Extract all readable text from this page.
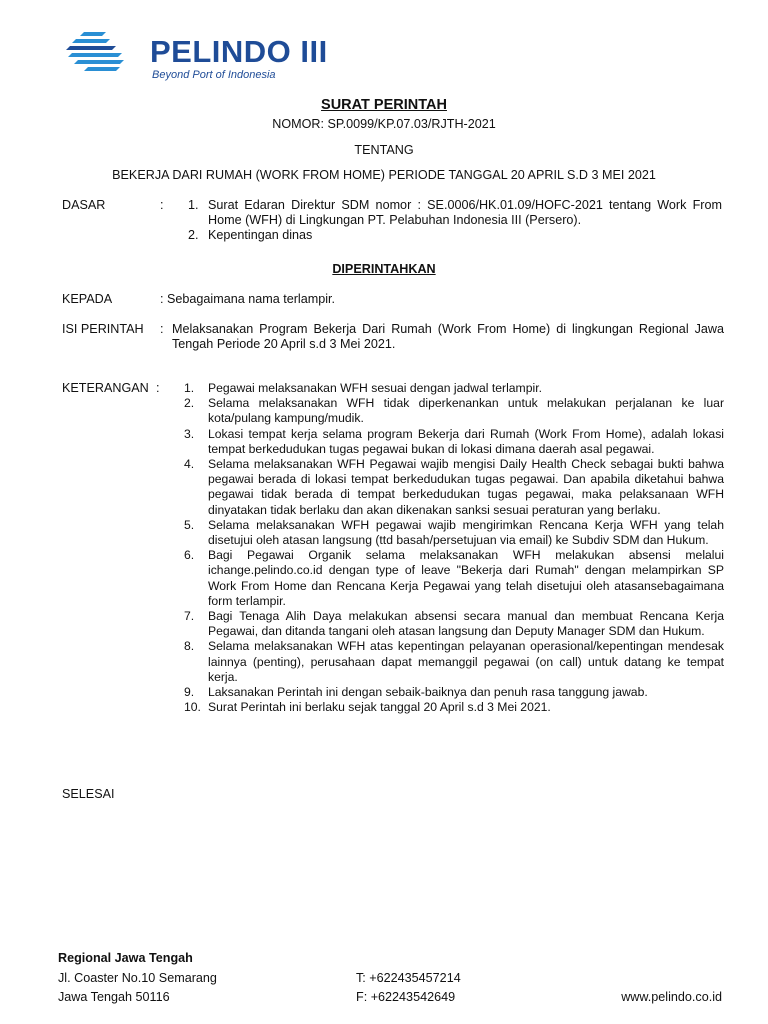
PELINDO III
Beyond Port of Indonesia
SURAT PERINTAH
NOMOR: SP.0099/KP.07.03/RJTH-2021
TENTANG
BEKERJA DARI RUMAH (WORK FROM HOME) PERIODE TANGGAL 20 APRIL S.D 3 MEI 2021
DASAR	: 1. Surat Edaran Direktur SDM nomor : SE.0006/HK.01.09/HOFC-2021 tentang Work From Home (WFH) di Lingkungan PT. Pelabuhan Indonesia III (Persero).
2. Kepentingan dinas
DIPERINTAHKAN
KEPADA	: Sebagaimana nama terlampir.
ISI PERINTAH : Melaksanakan Program Bekerja Dari Rumah (Work From Home) di lingkungan Regional Jawa Tengah Periode 20 April s.d 3 Mei 2021.
KETERANGAN : 1.	Pegawai melaksanakan WFH sesuai dengan jadwal terlampir.
2.	Selama melaksanakan WFH tidak diperkenankan untuk melakukan perjalanan ke luar kota/pulang kampung/mudik.
3.	Lokasi tempat kerja selama program Bekerja dari Rumah (Work From Home), adalah lokasi tempat berkedudukan tugas pegawai bukan di lokasi dimana daerah asal pegawai.
4.	Selama melaksanakan WFH Pegawai wajib mengisi Daily Health Check sebagai bukti bahwa pegawai berada di lokasi tempat berkedudukan tugas pegawai. Dan apabila diketahui bahwa pegawai tidak berada di tempat berkedudukan tugas pegawai, maka pelaksanaan WFH dinyatakan tidak berlaku dan akan dikenakan sanksi sesuai peraturan yang berlaku.
5.	Selama melaksanakan WFH pegawai wajib mengirimkan Rencana Kerja WFH yang telah disetujui oleh atasan langsung (ttd basah/persetujuan via email) ke Subdiv SDM dan Hukum.
6.	Bagi Pegawai Organik selama melaksanakan WFH melakukan absensi melalui ichange.pelindo.co.id dengan type of leave "Bekerja dari Rumah" dengan melampirkan SP Work From Home dan Rencana Kerja Pegawai yang telah disetujui oleh atasansebagaimana form terlampir.
7.	Bagi Tenaga Alih Daya melakukan absensi secara manual dan membuat Rencana Kerja Pegawai, dan ditanda tangani oleh atasan langsung dan Deputy Manager SDM dan Hukum.
8.	Selama melaksanakan WFH atas kepentingan pelayanan operasional/kepentingan mendesak lainnya (penting), perusahaan dapat memanggil pegawai (on call) untuk datang ke tempat kerja.
9.	Laksanakan Perintah ini dengan sebaik-baiknya dan penuh rasa tanggung jawab.
10. Surat Perintah ini berlaku sejak tanggal 20 April s.d 3 Mei 2021.
SELESAI
Regional Jawa Tengah
Jl. Coaster No.10 Semarang
Jawa Tengah 50116
T: +622435457214
F: +62243542649	www.pelindo.co.id
